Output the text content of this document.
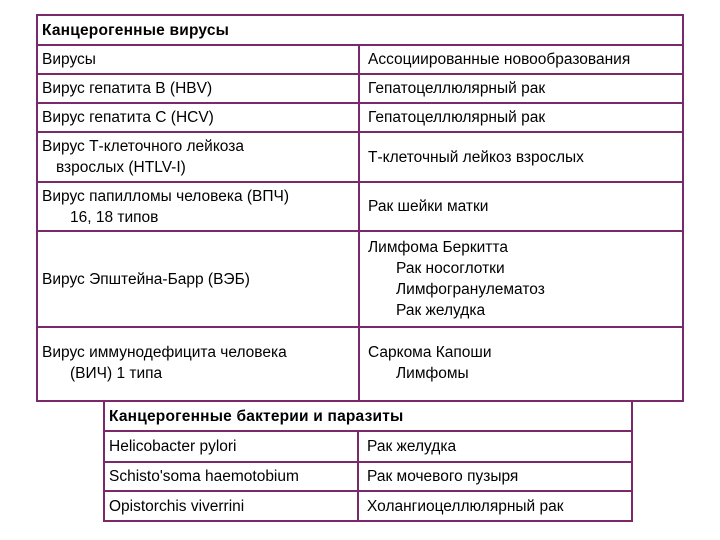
Канцерогенные вирусы	
Вирусы	Ассоциированные новообразования

Вирус гепатита В (HBV)	Гепатоцеллюлярный рак

Вирус гепатита С (HCV)	Гепатоцеллюлярный рак

Вирус Т-клеточного лейкоза
взрослых (HTLV-I)	Т-клеточный лейкоз взрослых

Вирус папилломы человека (ВПЧ)
16, 18 типов	Рак шейки матки

Вирус Эпштейна-Барр (ВЭБ)	Лимфома Беркитта
Рак носоглотки
Лимфогранулематоз
Рак желудка

Вирус иммунодефицита человека
(ВИЧ) 1 типа	Саркома Капоши
Лимфомы
Канцерогенные бактерии и паразиты	
Helicobacter pylori	Рак желудка
Schisto'soma haemotobium	Рак мочевого пузыря
Opistorchis viverrini	Холангиоцеллюлярный рак
